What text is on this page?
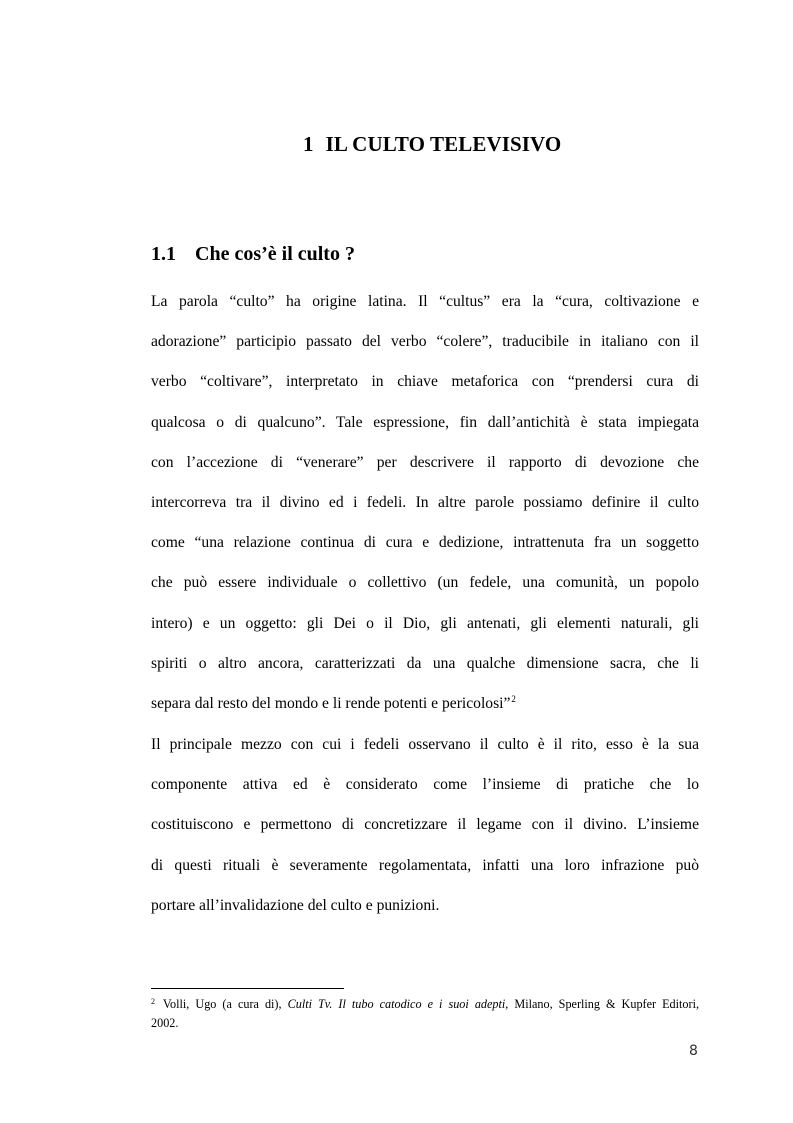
1 IL CULTO TELEVISIVO
1.1 Che cos’è il culto ?
La parola “culto” ha origine latina. Il “cultus” era la “cura, coltivazione e
adorazione” participio passato del verbo “colere”, traducibile in italiano con il
verbo “coltivare”, interpretato in chiave metaforica con “prendersi cura di
qualcosa o di qualcuno”. Tale espressione, fin dall’antichità è stata impiegata
con l’accezione di “venerare” per descrivere il rapporto di devozione che
intercorreva tra il divino ed i fedeli. In altre parole possiamo definire il culto
come “una relazione continua di cura e dedizione, intrattenuta fra un soggetto
che può essere individuale o collettivo (un fedele, una comunità, un popolo
intero) e un oggetto: gli Dei o il Dio, gli antenati, gli elementi naturali, gli
spiriti o altro ancora, caratterizzati da una qualche dimensione sacra, che li
separa dal resto del mondo e li rende potenti e pericolosi”$^2$
Il principale mezzo con cui i fedeli osservano il culto è il rito, esso è la sua
componente attiva ed è considerato come l’insieme di pratiche che lo
costituiscono e permettono di concretizzare il legame con il divino. L’insieme
di questi rituali è severamente regolamentata, infatti una loro infrazione può
portare all’invalidazione del culto e punizioni.
$^2$ Volli, Ugo (a cura di), Culti Tv. Il tubo catodico e i suoi adepti, Milano, Sperling & Kupfer Editori,
2002.
8
